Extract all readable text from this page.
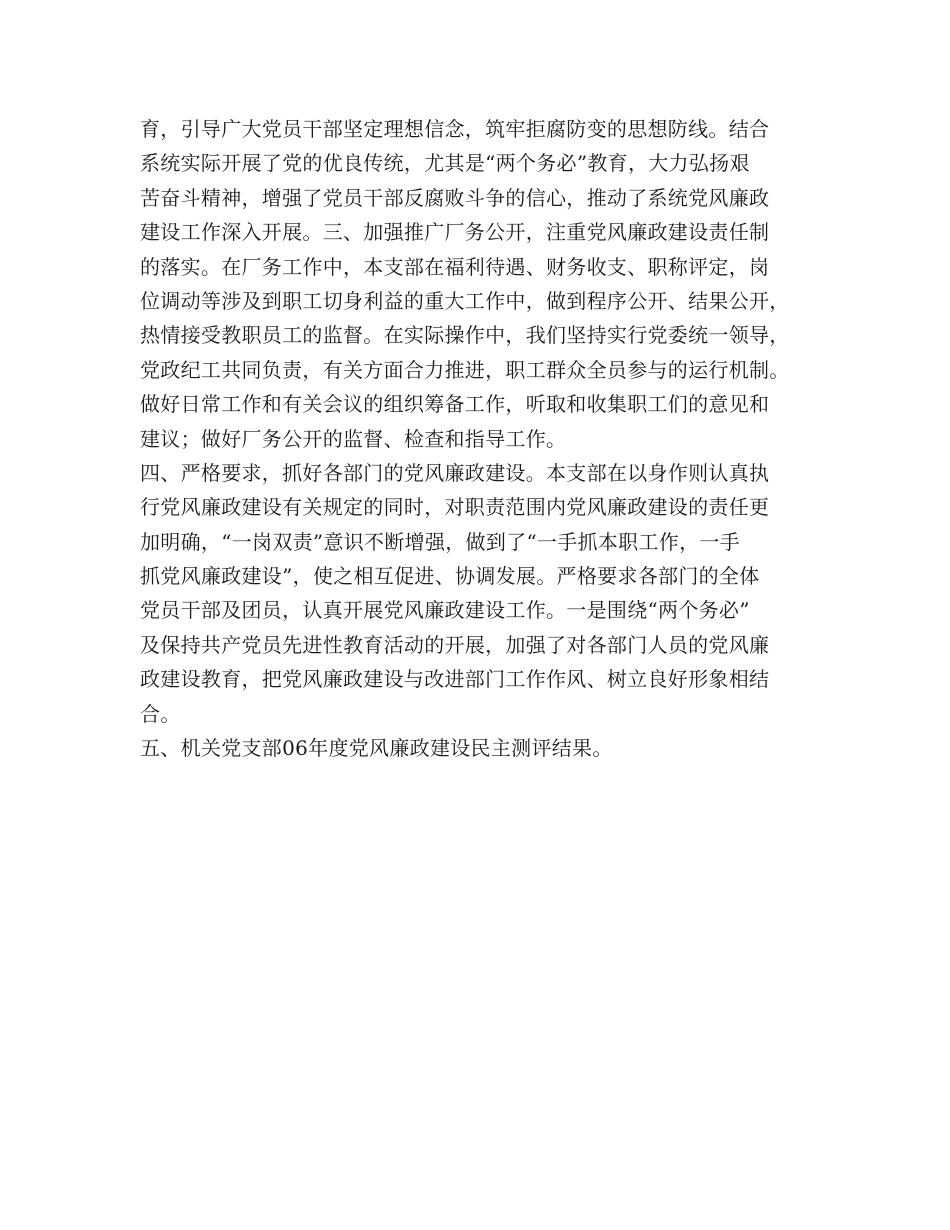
育，引导广大党员干部坚定理想信念，筑牢拒腐防变的思想防线。结合
系统实际开展了党的优良传统，尤其是“两个务必”教育，大力弘扬艰
苦奋斗精神，增强了党员干部反腐败斗争的信心，推动了系统党风廉政
建设工作深入开展。三、加强推广厂务公开，注重党风廉政建设责任制
的落实。在厂务工作中，本支部在福利待遇、财务收支、职称评定，岗
位调动等涉及到职工切身利益的重大工作中，做到程序公开、结果公开，
热情接受教职员工的监督。在实际操作中，我们坚持实行党委统一领导，
党政纪工共同负责，有关方面合力推进，职工群众全员参与的运行机制。
做好日常工作和有关会议的组织筹备工作，听取和收集职工们的意见和
建议；做好厂务公开的监督、检查和指导工作。
四、严格要求，抓好各部门的党风廉政建设。本支部在以身作则认真执
行党风廉政建设有关规定的同时，对职责范围内党风廉政建设的责任更
加明确，“一岗双责”意识不断增强，做到了“一手抓本职工作，一手
抓党风廉政建设”，使之相互促进、协调发展。严格要求各部门的全体
党员干部及团员，认真开展党风廉政建设工作。一是围绕“两个务必”
及保持共产党员先进性教育活动的开展，加强了对各部门人员的党风廉
政建设教育，把党风廉政建设与改进部门工作作风、树立良好形象相结
合。
五、机关党支部06年度党风廉政建设民主测评结果。
